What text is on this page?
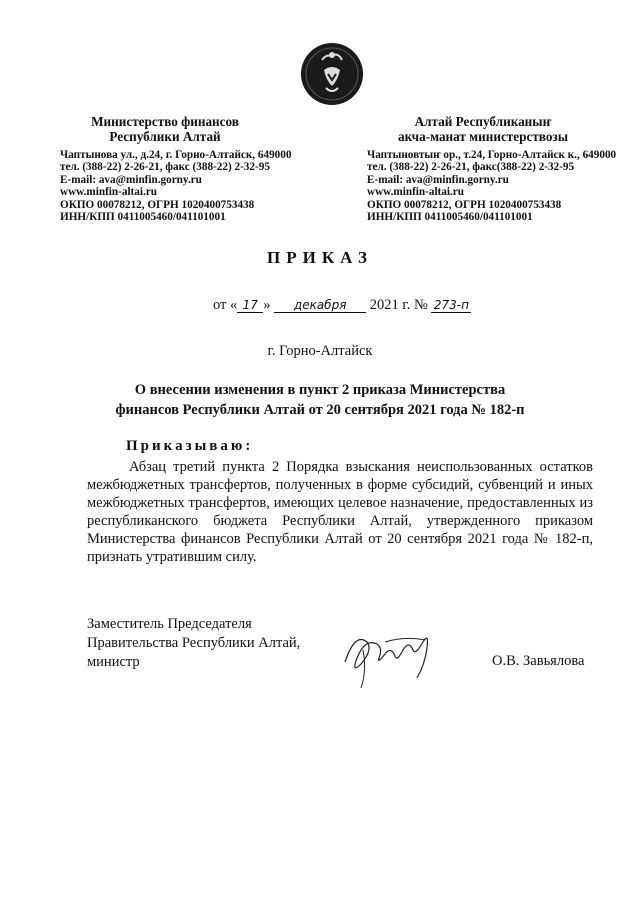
Министерство финансов
Республики Алтай
Чаптынова ул., д.24, г. Горно-Алтайск, 649000
тел. (388-22) 2-26-21, факс (388-22) 2-32-95
E-mail: ava@minfin.gorny.ru
www.minfin-altai.ru
ОКПО 00078212, ОГРН 1020400753438
ИНН/КПП 0411005460/041101001
Алтай Республиканыҥ
акча-манат министерствозы
Чаптыновтыҥ ор., т.24, Горно-Алтайск к., 649000
тел. (388-22) 2-26-21, факс(388-22) 2-32-95
E-mail: ava@minfin.gorny.ru
www.minfin-altai.ru
ОКПО 00078212, ОГРН 1020400753438
ИНН/КПП 0411005460/041101001
ПРИКАЗ
от « 17 » декабря 2021 г. № 273-п
г. Горно-Алтайск
О внесении изменения в пункт 2 приказа Министерства финансов Республики Алтай от 20 сентября 2021 года № 182-п
Приказываю:
Абзац третий пункта 2 Порядка взыскания неиспользованных остатков межбюджетных трансфертов, полученных в форме субсидий, субвенций и иных межбюджетных трансфертов, имеющих целевое назначение, предоставленных из республиканского бюджета Республики Алтай, утвержденного приказом Министерства финансов Республики Алтай от 20 сентября 2021 года № 182-п, признать утратившим силу.
Заместитель Председателя
Правительства Республики Алтай,
министр	О.В. Завьялова
